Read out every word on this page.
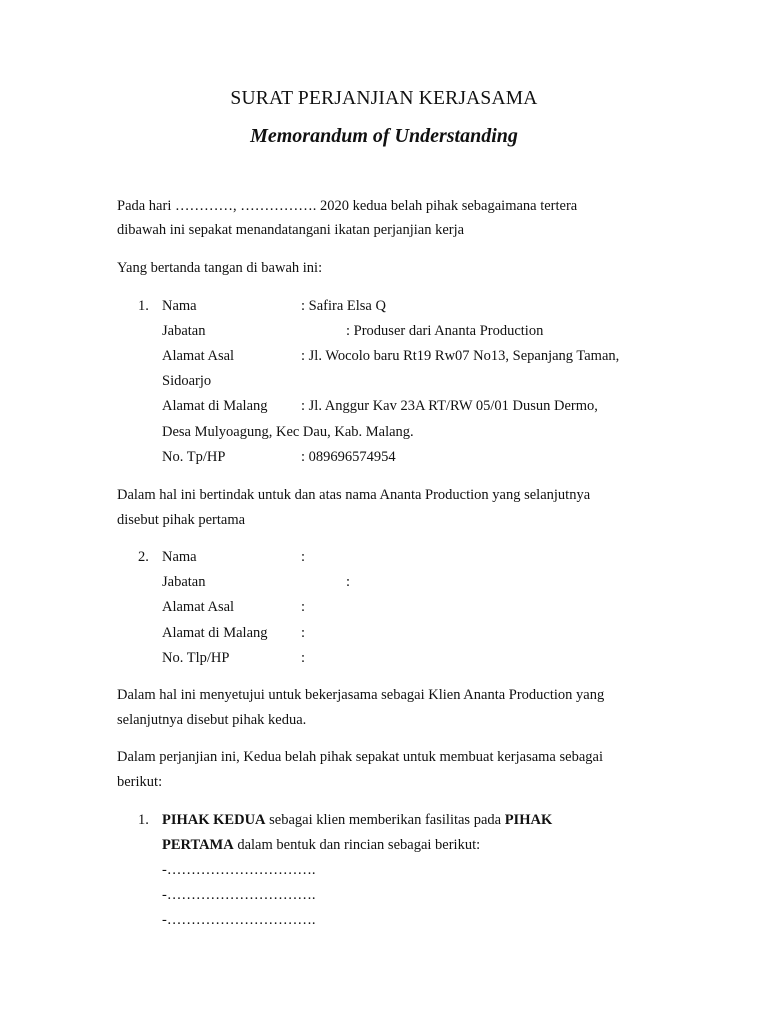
SURAT PERJANJIAN KERJASAMA
Memorandum of Understanding
Pada hari …………, ……………. 2020 kedua belah pihak sebagaimana tertera
dibawah ini sepakat menandatangani ikatan perjanjian kerja
Yang bertanda tangan di bawah ini:
1. Nama	: Safira Elsa Q
Jabatan	: Produser dari Ananta Production
Alamat Asal	: Jl. Wocolo baru Rt19 Rw07 No13, Sepanjang Taman,
Sidoarjo
Alamat di Malang : Jl. Anggur Kav 23A RT/RW 05/01 Dusun Dermo,
Desa Mulyoagung, Kec Dau, Kab. Malang.
No. Tp/HP	: 089696574954
Dalam hal ini bertindak untuk dan atas nama Ananta Production yang selanjutnya
disebut pihak pertama
2. Nama	:
Jabatan	:
Alamat Asal	:
Alamat di Malang :
No. Tlp/HP	:
Dalam hal ini menyetujui untuk bekerjasama sebagai Klien Ananta Production yang
selanjutnya disebut pihak kedua.
Dalam perjanjian ini, Kedua belah pihak sepakat untuk membuat kerjasama sebagai
berikut:
1. PIHAK KEDUA sebagai klien memberikan fasilitas pada PIHAK
PERTAMA dalam bentuk dan rincian sebagai berikut:
-………………………….
-………………………….
-………………………….
